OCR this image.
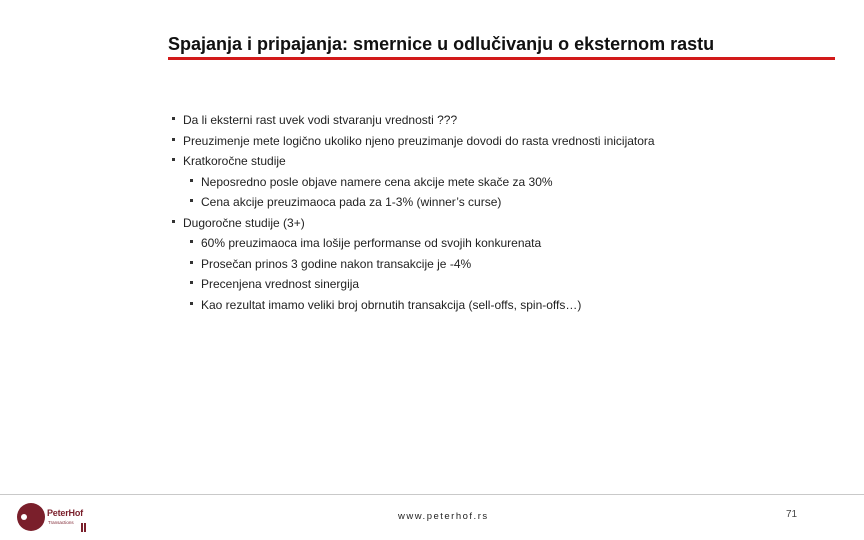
Spajanja i pripajanja: smernice u odlučivanju o eksternom rastu
Da li eksterni rast uvek vodi stvaranju vrednosti ???
Preuzimenje mete logično ukoliko njeno preuzimanje dovodi do rasta vrednosti inicijatora
Kratkoročne studije
Neposredno posle objave namere cena akcije mete skače za 30%
Cena akcije preuzimaoca pada za 1-3% (winner’s curse)
Dugoročne studije (3+)
60% preuzimaoca ima lošije performanse od svojih konkurenata
Prosečan prinos 3 godine nakon transakcije je -4%
Precenjena vrednost sinergija
Kao rezultat imamo veliki broj obrnutih transakcija (sell-offs, spin-offs…)
PeterHof
Transactions
www.peterhof.rs	71
